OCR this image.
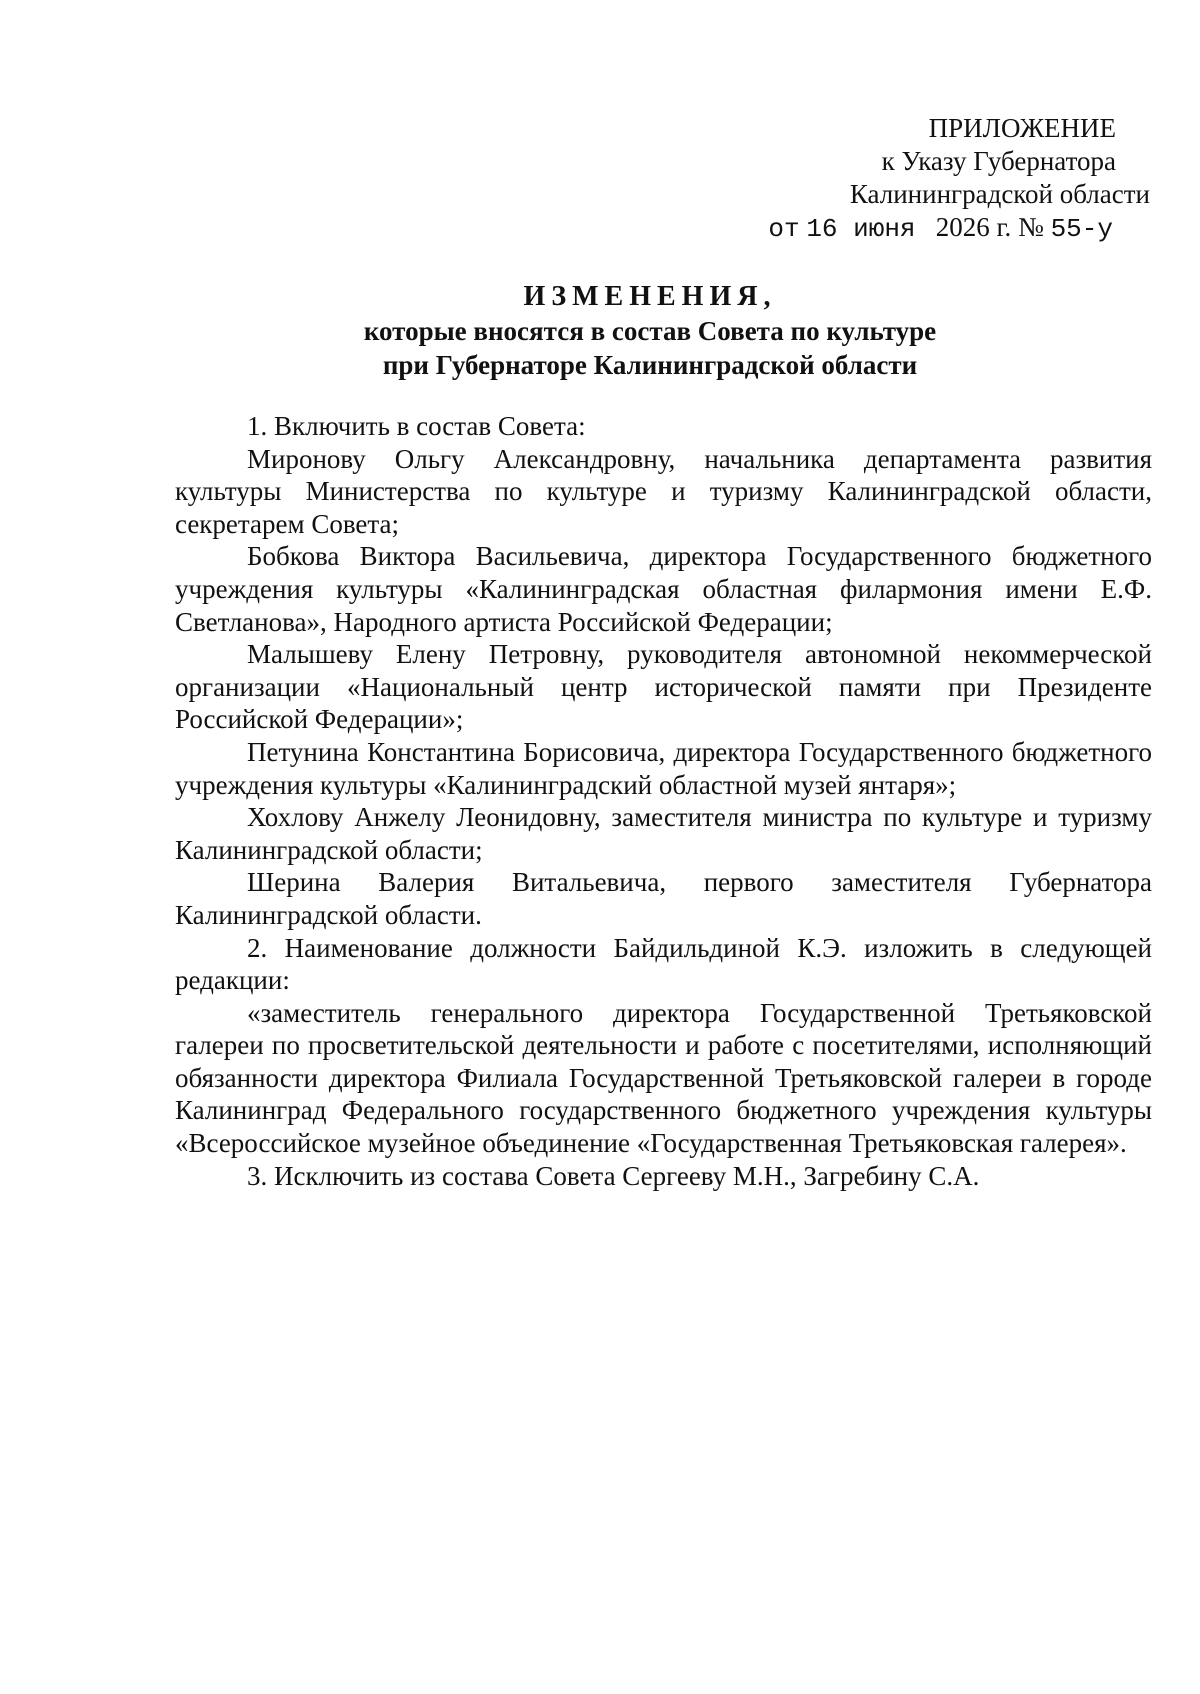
ПРИЛОЖЕНИЕ
к Указу Губернатора
Калининградской области
от 16 июня 2026 г. № 55-у
ИЗМЕНЕНИЯ,
которые вносятся в состав Совета по культуре
при Губернаторе Калининградской области

1. Включить в состав Совета:

Миронову Ольгу Александровну, начальника департамента развития культуры Министерства по культуре и туризму Калининградской области, секретарем Совета;

Бобкова Виктора Васильевича, директора Государственного бюджетного учреждения культуры «Калининградская областная филармония имени Е.Ф. Светланова», Народного артиста Российской Федерации;

Малышеву Елену Петровну, руководителя автономной некоммерческой организации «Национальный центр исторической памяти при Президенте Российской Федерации»;

Петунина Константина Борисовича, директора Государственного бюджетного учреждения культуры «Калининградский областной музей янтаря»;

Хохлову Анжелу Леонидовну, заместителя министра по культуре и туризму Калининградской области;

Шерина Валерия Витальевича, первого заместителя Губернатора Калининградской области.

2. Наименование должности Байдильдиной К.Э. изложить в следующей редакции:

«заместитель генерального директора Государственной Третьяковской галереи по просветительской деятельности и работе с посетителями, исполняющий обязанности директора Филиала Государственной Третьяковской галереи в городе Калининград Федерального государственного бюджетного учреждения культуры «Всероссийское музейное объединение «Государственная Третьяковская галерея».

3. Исключить из состава Совета Сергееву М.Н., Загребину С.А.
